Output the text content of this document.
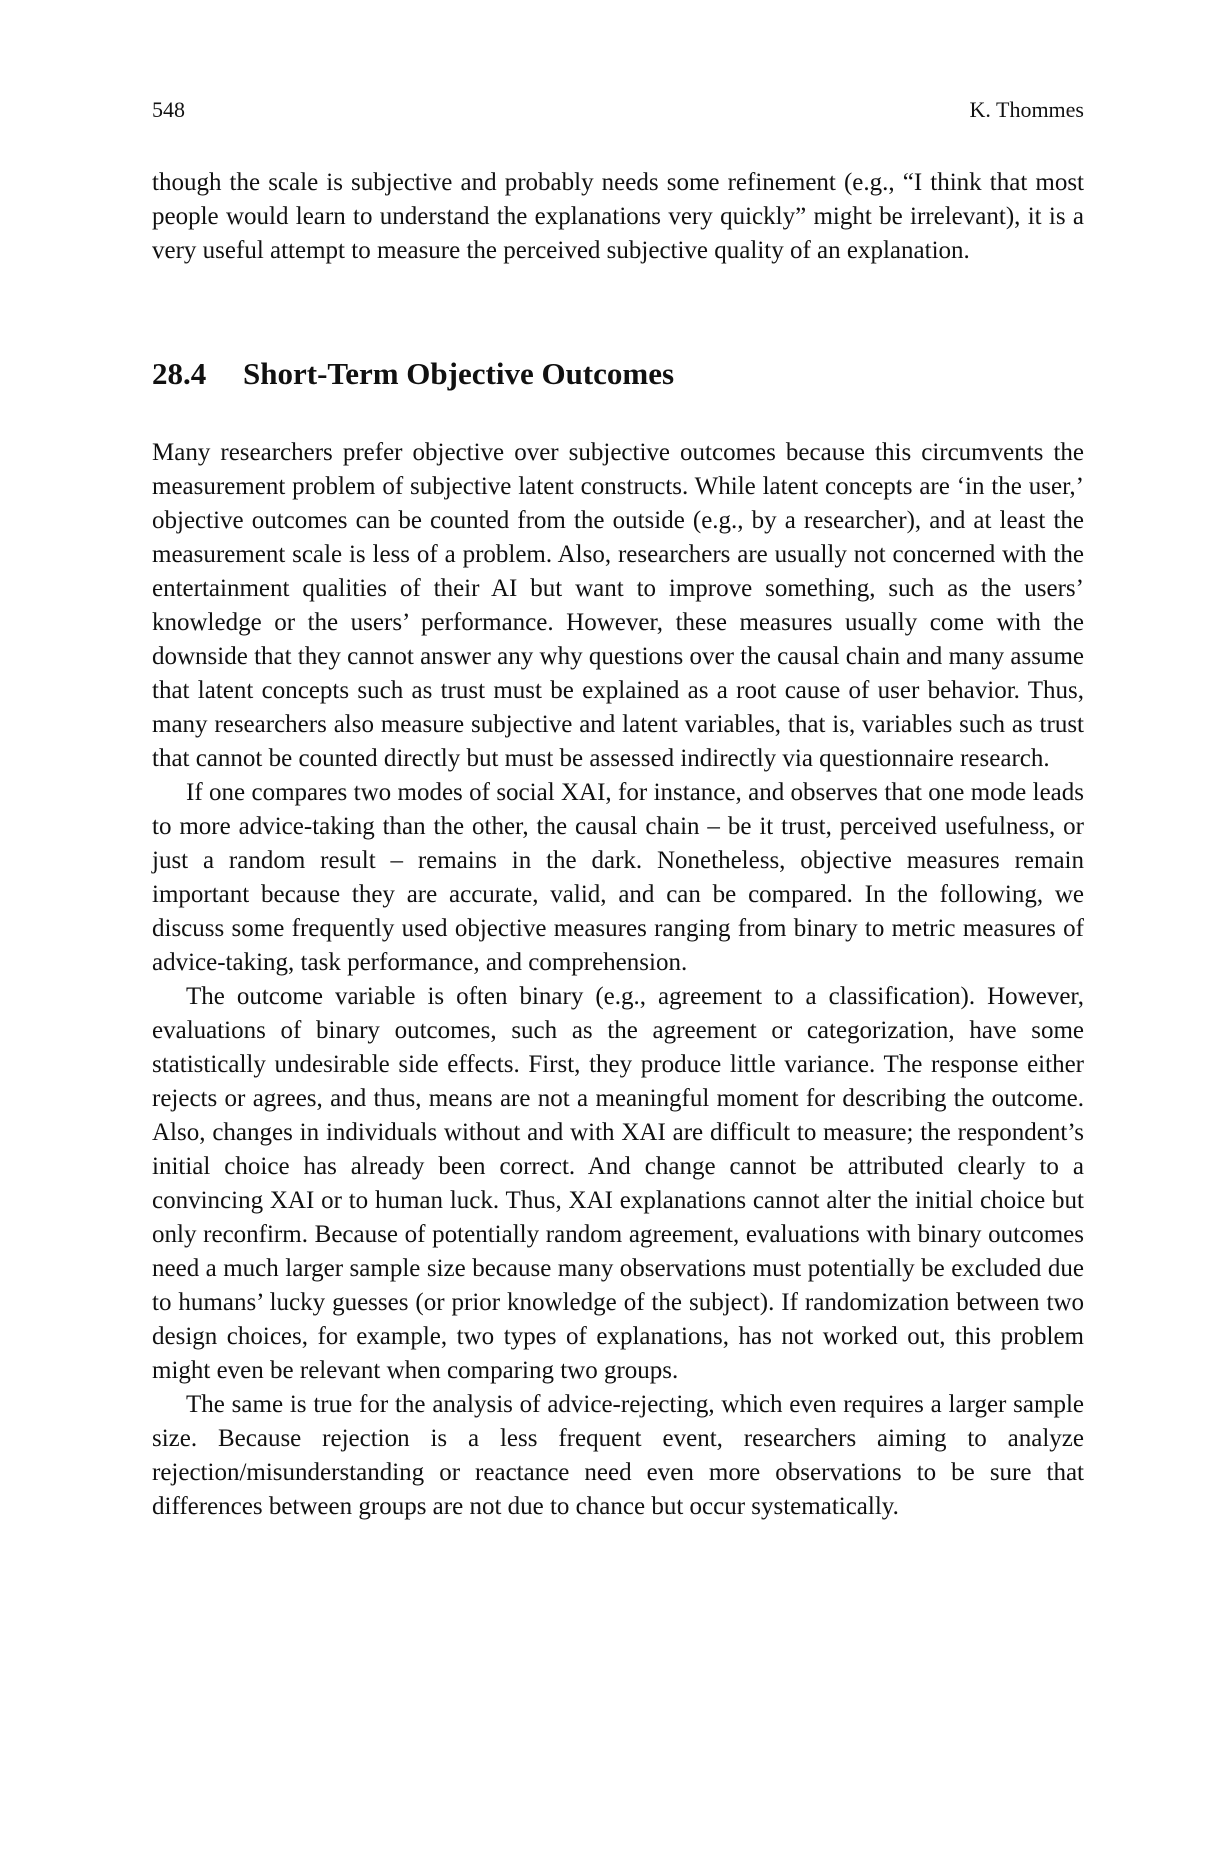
548	K. Thommes

though the scale is subjective and probably needs some refinement (e.g., “I think that most people would learn to understand the explanations very quickly” might be irrelevant), it is a very useful attempt to measure the perceived subjective quality of an explanation.

28.4	Short-Term Objective Outcomes

Many researchers prefer objective over subjective outcomes because this circumvents the measurement problem of subjective latent constructs. While latent concepts are ‘in the user,’ objective outcomes can be counted from the outside (e.g., by a researcher), and at least the measurement scale is less of a problem. Also, researchers are usually not concerned with the entertainment qualities of their AI but want to improve something, such as the users’ knowledge or the users’ performance. However, these measures usually come with the downside that they cannot answer any why questions over the causal chain and many assume that latent concepts such as trust must be explained as a root cause of user behavior. Thus, many researchers also measure subjective and latent variables, that is, variables such as trust that cannot be counted directly but must be assessed indirectly via questionnaire research.

If one compares two modes of social XAI, for instance, and observes that one mode leads to more advice-taking than the other, the causal chain – be it trust, perceived usefulness, or just a random result – remains in the dark. Nonetheless, objective measures remain important because they are accurate, valid, and can be compared. In the following, we discuss some frequently used objective measures ranging from binary to metric measures of advice-taking, task performance, and comprehension.

The outcome variable is often binary (e.g., agreement to a classification). However, evaluations of binary outcomes, such as the agreement or categorization, have some statistically undesirable side effects. First, they produce little variance. The response either rejects or agrees, and thus, means are not a meaningful moment for describing the outcome. Also, changes in individuals without and with XAI are difficult to measure; the respondent’s initial choice has already been correct. And change cannot be attributed clearly to a convincing XAI or to human luck. Thus, XAI explanations cannot alter the initial choice but only reconfirm. Because of potentially random agreement, evaluations with binary outcomes need a much larger sample size because many observations must potentially be excluded due to humans’ lucky guesses (or prior knowledge of the subject). If randomization between two design choices, for example, two types of explanations, has not worked out, this problem might even be relevant when comparing two groups.

The same is true for the analysis of advice-rejecting, which even requires a larger sample size. Because rejection is a less frequent event, researchers aiming to analyze rejection/misunderstanding or reactance need even more observations to be sure that differences between groups are not due to chance but occur systematically.
